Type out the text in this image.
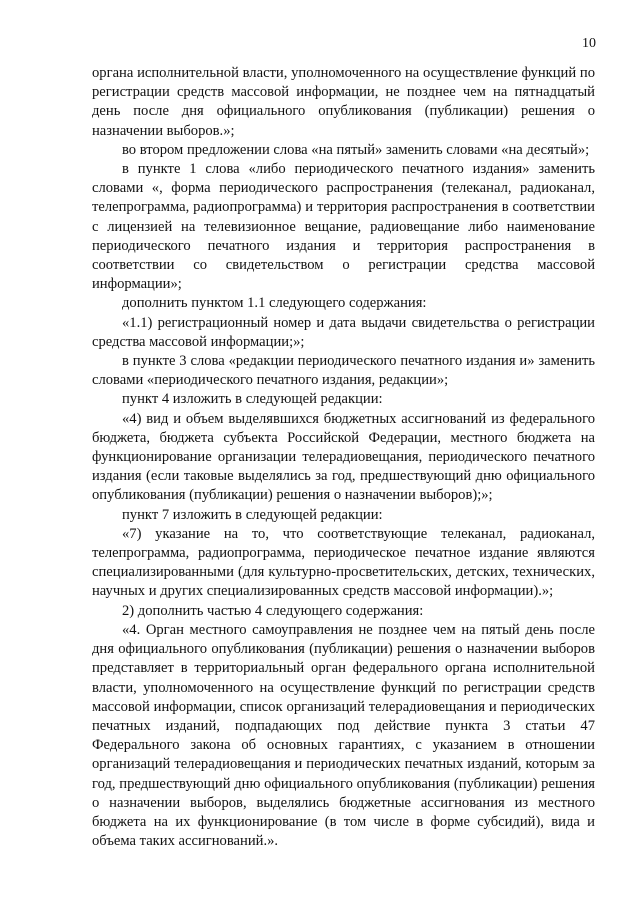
10

органа исполнительной власти, уполномоченного на осуществление функций по регистрации средств массовой информации, не позднее чем на пятнадцатый день после дня официального опубликования (публикации) решения о назначении выборов.»;

во втором предложении слова «на пятый» заменить словами «на десятый»;

в пункте 1 слова «либо периодического печатного издания» заменить словами «, форма периодического распространения (телеканал, радиоканал, телепрограмма, радиопрограмма) и территория распространения в соответствии с лицензией на телевизионное вещание, радиовещание либо наименование периодического печатного издания и территория распространения в соответствии со свидетельством о регистрации средства массовой информации»;

дополнить пунктом 1.1 следующего содержания:

«1.1) регистрационный номер и дата выдачи свидетельства о регистрации средства массовой информации;»;

в пункте 3 слова «редакции периодического печатного издания и» заменить словами «периодического печатного издания, редакции»;

пункт 4 изложить в следующей редакции:

«4) вид и объем выделявшихся бюджетных ассигнований из федерального бюджета, бюджета субъекта Российской Федерации, местного бюджета на функционирование организации телерадиовещания, периодического печатного издания (если таковые выделялись за год, предшествующий дню официального опубликования (публикации) решения о назначении выборов);»;

пункт 7 изложить в следующей редакции:

«7) указание на то, что соответствующие телеканал, радиоканал, телепрограмма, радиопрограмма, периодическое печатное издание являются специализированными (для культурно-просветительских, детских, технических, научных и других специализированных средств массовой информации).»;

2) дополнить частью 4 следующего содержания:

«4. Орган местного самоуправления не позднее чем на пятый день после дня официального опубликования (публикации) решения о назначении выборов представляет в территориальный орган федерального органа исполнительной власти, уполномоченного на осуществление функций по регистрации средств массовой информации, список организаций телерадиовещания и периодических печатных изданий, подпадающих под действие пункта 3 статьи 47 Федерального закона об основных гарантиях, с указанием в отношении организаций телерадиовещания и периодических печатных изданий, которым за год, предшествующий дню официального опубликования (публикации) решения о назначении выборов, выделялись бюджетные ассигнования из местного бюджета на их функционирование (в том числе в форме субсидий), вида и объема таких ассигнований.».
